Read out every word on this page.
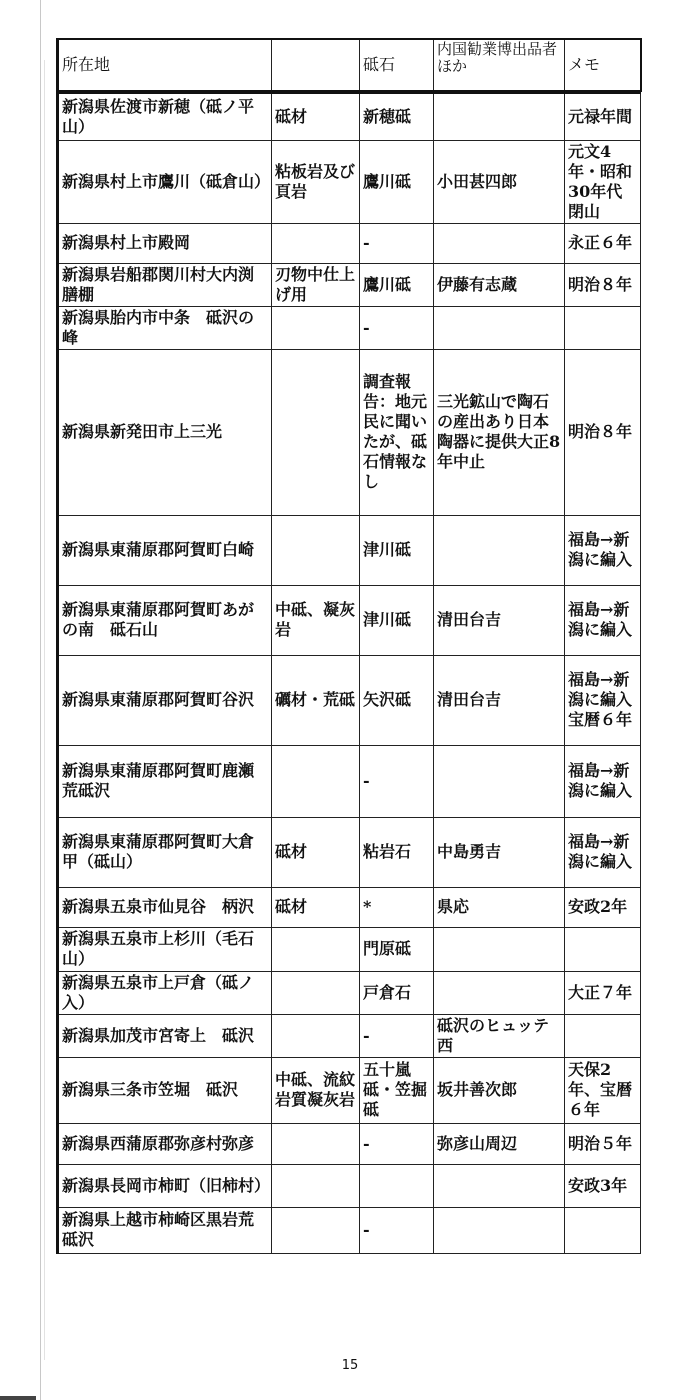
所在地		砥石	内国勧業博出品者ほか	メモ
新潟県佐渡市新穂（砥ノ平山）	砥材	新穂砥		元禄年間
新潟県村上市鷹川（砥倉山）	粘板岩及び頁岩	鷹川砥	小田甚四郎	元文4年・昭和30年代閉山
新潟県村上市殿岡		-		永正６年
新潟県岩船郡関川村大内渕　膳棚	刃物中仕上げ用	鷹川砥	伊藤有志蔵	明治８年
新潟県胎内市中条　砥沢の峰		-		
新潟県新発田市上三光		調査報告：地元民に聞いたが、砥石情報なし	三光鉱山で陶石の産出あり日本陶器に提供大正8年中止	明治８年
新潟県東蒲原郡阿賀町白崎		津川砥		福島→新潟に編入
新潟県東蒲原郡阿賀町あがの南　砥石山	中砥、凝灰岩	津川砥	清田台吉	福島→新潟に編入
新潟県東蒲原郡阿賀町谷沢	礪材・荒砥	矢沢砥	清田台吉	福島→新潟に編入宝暦６年
新潟県東蒲原郡阿賀町鹿瀬　荒砥沢		-		福島→新潟に編入
新潟県東蒲原郡阿賀町大倉甲（砥山）	砥材	粘岩石	中島勇吉	福島→新潟に編入
新潟県五泉市仙見谷　柄沢	砥材	*	県応	安政2年
新潟県五泉市上杉川（毛石山）		門原砥		
新潟県五泉市上戸倉（砥ノ入）		戸倉石		大正７年
新潟県加茂市宮寄上　砥沢		-	砥沢のヒュッテ西	
新潟県三条市笠堀　砥沢	中砥、流紋岩質凝灰岩	五十嵐砥・笠掘砥	坂井善次郎	天保2年、宝暦６年
新潟県西蒲原郡弥彦村弥彦		-	弥彦山周辺	明治５年
新潟県長岡市柿町（旧柿村）				安政3年
新潟県上越市柿崎区黒岩荒砥沢		-		
15
